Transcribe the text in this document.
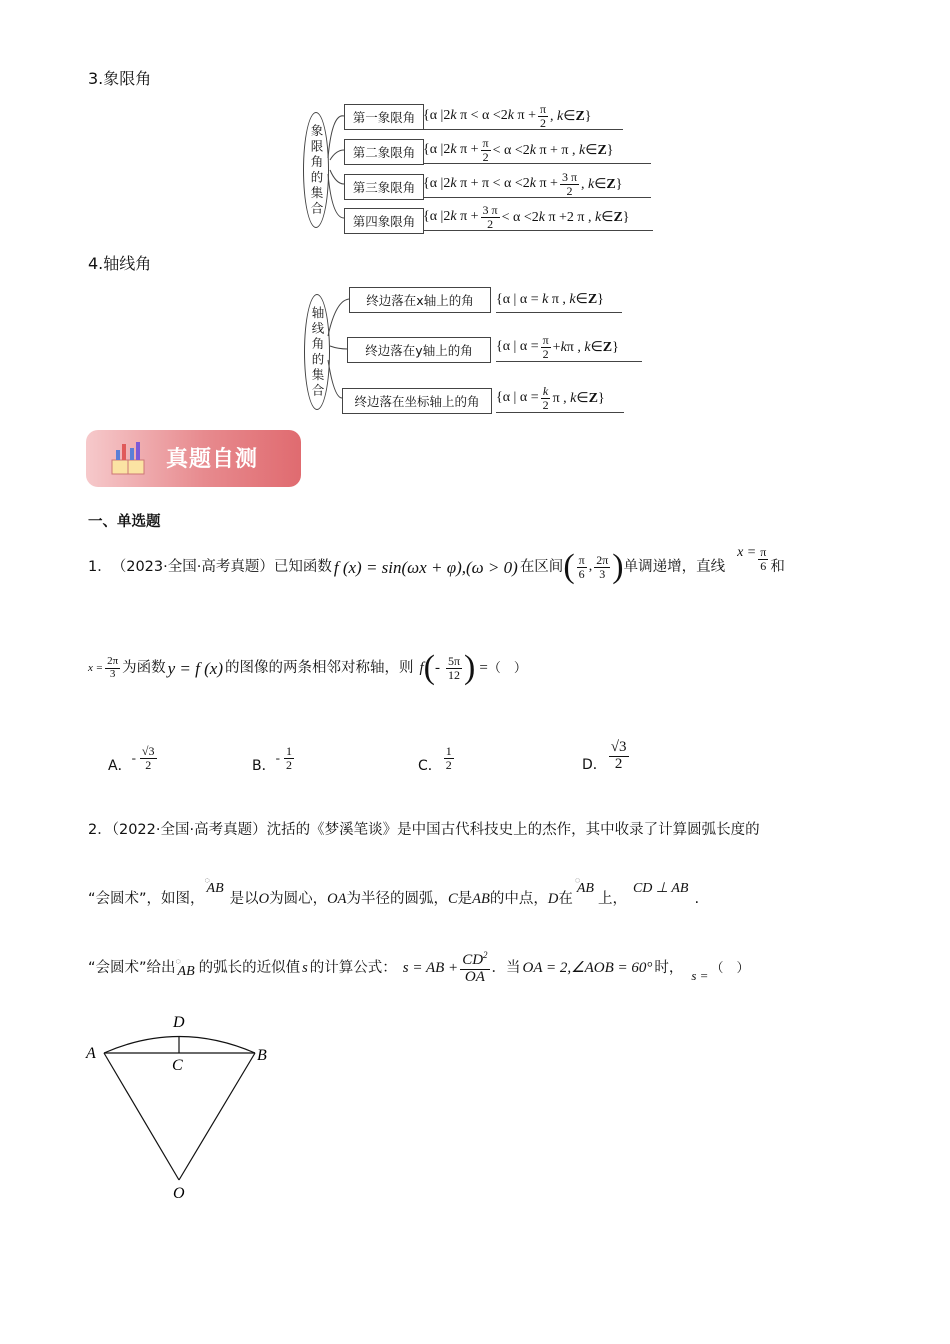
3.象限角
象限角的集合
第一象限角 {α |2k π < α <2k $\pi + \frac{\pi}{2}$ , k∈Z}
第二象限角 {α |2k $\pi + \frac{\pi}{2} < \alpha <2k$ π + π , k∈Z}
第三象限角 {α |2k π + π < α <2k $\pi + \frac{3 \pi}{2}$ , k∈Z}
第四象限角 {α |2k $\pi + \frac{3 \pi}{2} < \alpha <2k$ π +2 π , k∈Z}
4.轴线角
轴线角的集合
终边落在x轴上的角	{α | α = k π , k∈Z}
终边落在y轴上的角	{α | $\alpha = \frac{\pi}{2} +k\pi$ , k∈Z}
终边落在坐标轴上的角	{α | $\alpha = \frac{k}{2}$ π , k∈Z}
真题自测
一、单选题
1． （2023·全国·高考真题） 已知函数 f (x) = sin(ωx + φ),(ω > 0) 在区间 ( $\frac{\pi}{6}$ , $\frac{2\pi}{3}$ ) 单调递增，直线
$x = \frac{\pi}{6}$ 和
$x = \frac{2\pi}{3}$ 为函数 y = f (x) 的图像的两条相邻对称轴，则 f ( - $\frac{5\pi}{12}$ ) = （　）
A．
- $\frac{√3}{2}$	B．
- $\frac{1}{2}$	C． $\frac{1}{2}$	D． $\frac{√3}{2}$
2．（2022·全国·高考真题）沈括的《梦溪笔谈》是中国古代科技史上的杰作，其中收录了计算圆弧长度的
“会圆术”，如图，
◌
AB
是以 O 为圆心， OA 为半径的圆弧， C 是 AB 的中点， D 在
◌
AB
上，
CD ⊥ AB
.
“会圆术”给出 ◌
AB 的弧长的近似值 s 的计算公式： s = AB + $\frac{CD^2}{OA}$ ．当 OA = 2,∠AOB = 60° 时， s = （　）
A	B
C
D
O
